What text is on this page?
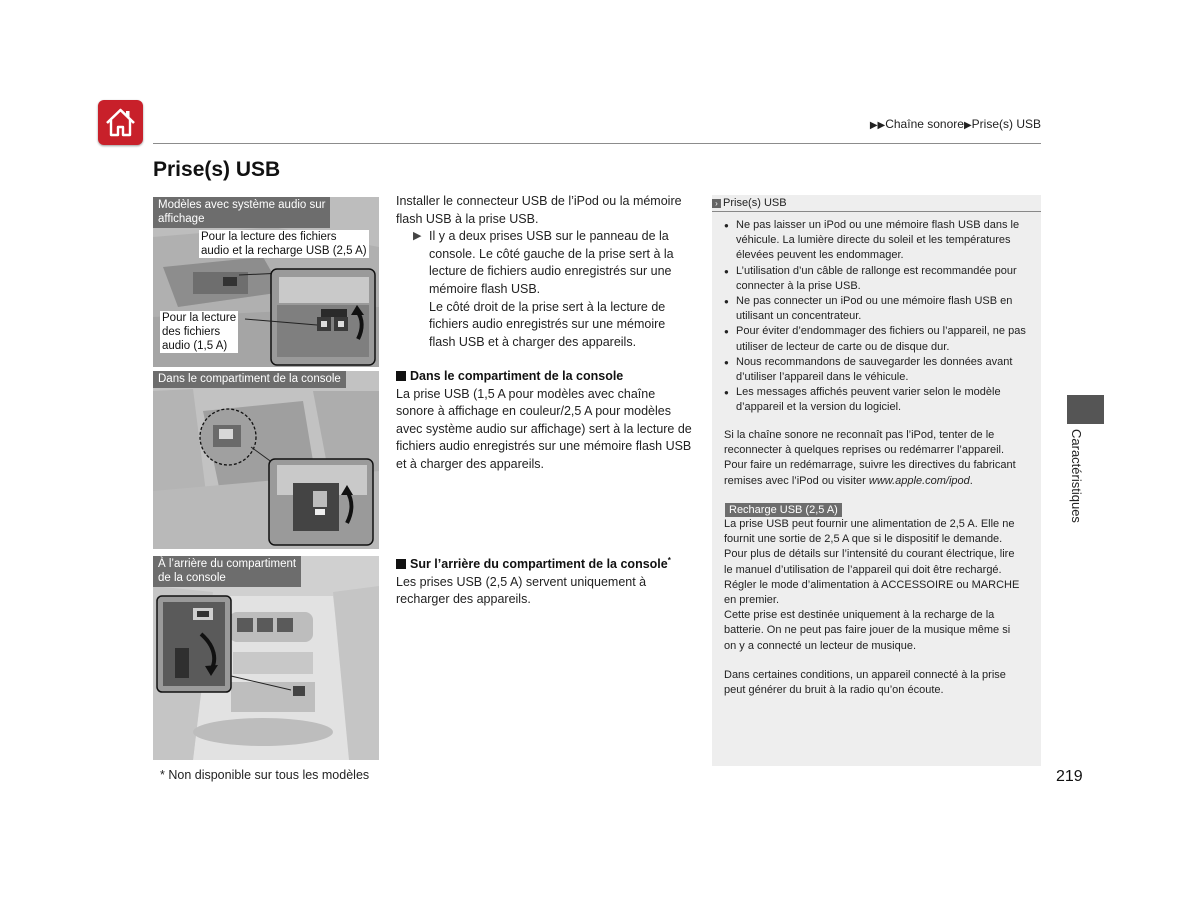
▶▶Chaîne sonore▶Prise(s) USB
Prise(s) USB
Modèles avec système audio sur
affichage
Pour la lecture des fichiers
audio et la recharge USB (2,5 A)
Pour la lecture
des fichiers
audio (1,5 A)
Dans le compartiment de la console
À l’arrière du compartiment
de la console

Installer le connecteur USB de l’iPod ou la mémoire

flash USB à la prise USB.

▶ Il y a deux prises USB sur le panneau de la

console. Le côté gauche de la prise sert à la

lecture de fichiers audio enregistrés sur une

mémoire flash USB.

Le côté droit de la prise sert à la lecture de

fichiers audio enregistrés sur une mémoire

flash USB et à charger des appareils.

Dans le compartiment de la console

La prise USB (1,5 A pour modèles avec chaîne

sonore à affichage en couleur/2,5 A pour modèles

avec système audio sur affichage) sert à la lecture de

fichiers audio enregistrés sur une mémoire flash USB

et à charger des appareils.

Sur l’arrière du compartiment de la console*

Les prises USB (2,5 A) servent uniquement à

recharger des appareils.

› Prise(s) USB
● Ne pas laisser un iPod ou une mémoire flash USB dans le
véhicule. La lumière directe du soleil et les températures
élevées peuvent les endommager.
● L’utilisation d’un câble de rallonge est recommandée pour
connecter à la prise USB.
● Ne pas connecter un iPod ou une mémoire flash USB en
utilisant un concentrateur.
● Pour éviter d’endommager des fichiers ou l’appareil, ne pas
utiliser de lecteur de carte ou de disque dur.
● Nous recommandons de sauvegarder les données avant
d’utiliser l’appareil dans le véhicule.
● Les messages affichés peuvent varier selon le modèle
d’appareil et la version du logiciel.
Si la chaîne sonore ne reconnaît pas l’iPod, tenter de le
reconnecter à quelques reprises ou redémarrer l’appareil.
Pour faire un redémarrage, suivre les directives du fabricant
remises avec l’iPod ou visiter www.apple.com/ipod.
Recharge USB (2,5 A)
La prise USB peut fournir une alimentation de 2,5 A. Elle ne
fournit une sortie de 2,5 A que si le dispositif le demande.
Pour plus de détails sur l’intensité du courant électrique, lire
le manuel d’utilisation de l’appareil qui doit être rechargé.
Régler le mode d’alimentation à ACCESSOIRE ou MARCHE
en premier.
Cette prise est destinée uniquement à la recharge de la
batterie. On ne peut pas faire jouer de la musique même si
on y a connecté un lecteur de musique.
Dans certaines conditions, un appareil connecté à la prise
peut générer du bruit à la radio qu’on écoute.
Caractéristiques
* Non disponible sur tous les modèles	219
